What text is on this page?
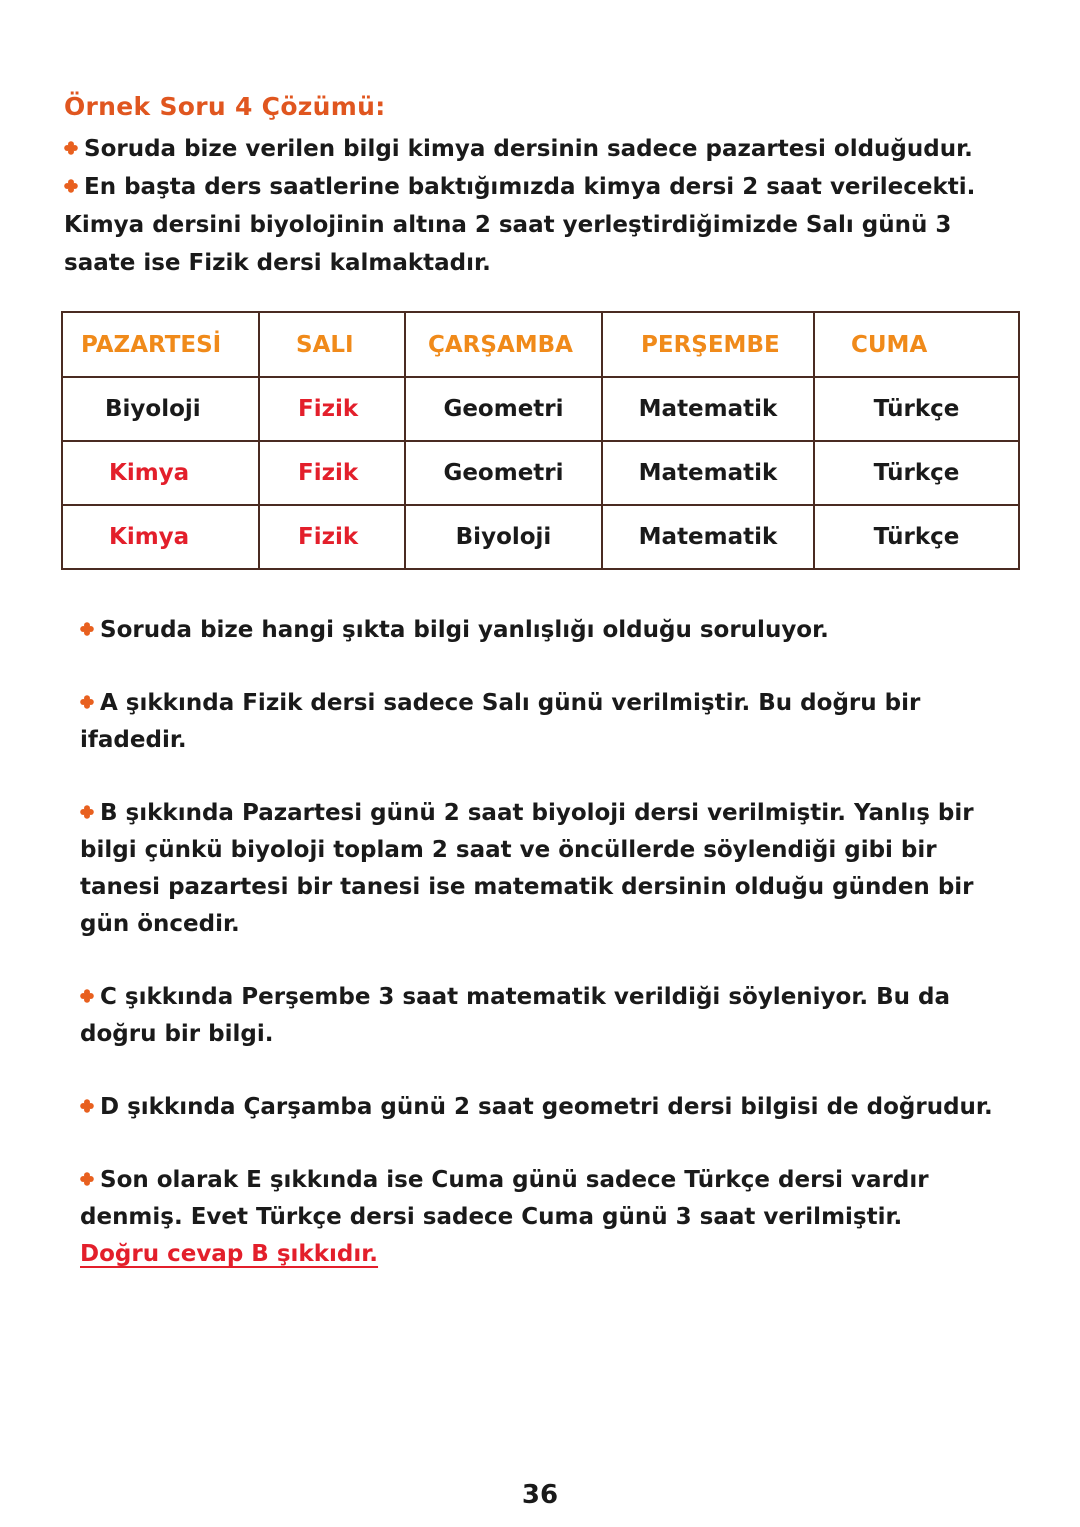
Örnek Soru 4 Çözümü:

Soruda bize verilen bilgi kimya dersinin sadece pazartesi olduğudur.

En başta ders saatlerine baktığımızda kimya dersi 2 saat verilecekti. Kimya dersini biyolojinin altına 2 saat yerleştirdiğimizde Salı günü 3 saate ise Fizik dersi kalmaktadır.

PAZARTESİ	SALI	ÇARŞAMBA	PERŞEMBE	CUMA
Biyoloji	Fizik	Geometri	Matematik	Türkçe
Kimya	Fizik	Geometri	Matematik	Türkçe
Kimya	Fizik	Biyoloji	Matematik	Türkçe

Soruda bize hangi şıkta bilgi yanlışlığı olduğu soruluyor.

A şıkkında Fizik dersi sadece Salı günü verilmiştir. Bu doğru bir ifadedir.

B şıkkında Pazartesi günü 2 saat biyoloji dersi verilmiştir. Yanlış bir bilgi çünkü biyoloji toplam 2 saat ve öncüllerde söylendiği gibi bir tanesi pazartesi bir tanesi ise matematik dersinin olduğu günden bir gün öncedir.

C şıkkında Perşembe 3 saat matematik verildiği söyleniyor. Bu da doğru bir bilgi.

D şıkkında Çarşamba günü 2 saat geometri dersi bilgisi de doğrudur.

Son olarak E şıkkında ise Cuma günü sadece Türkçe dersi vardır denmiş. Evet Türkçe dersi sadece Cuma günü 3 saat verilmiştir.
Doğru cevap B şıkkıdır.

36
